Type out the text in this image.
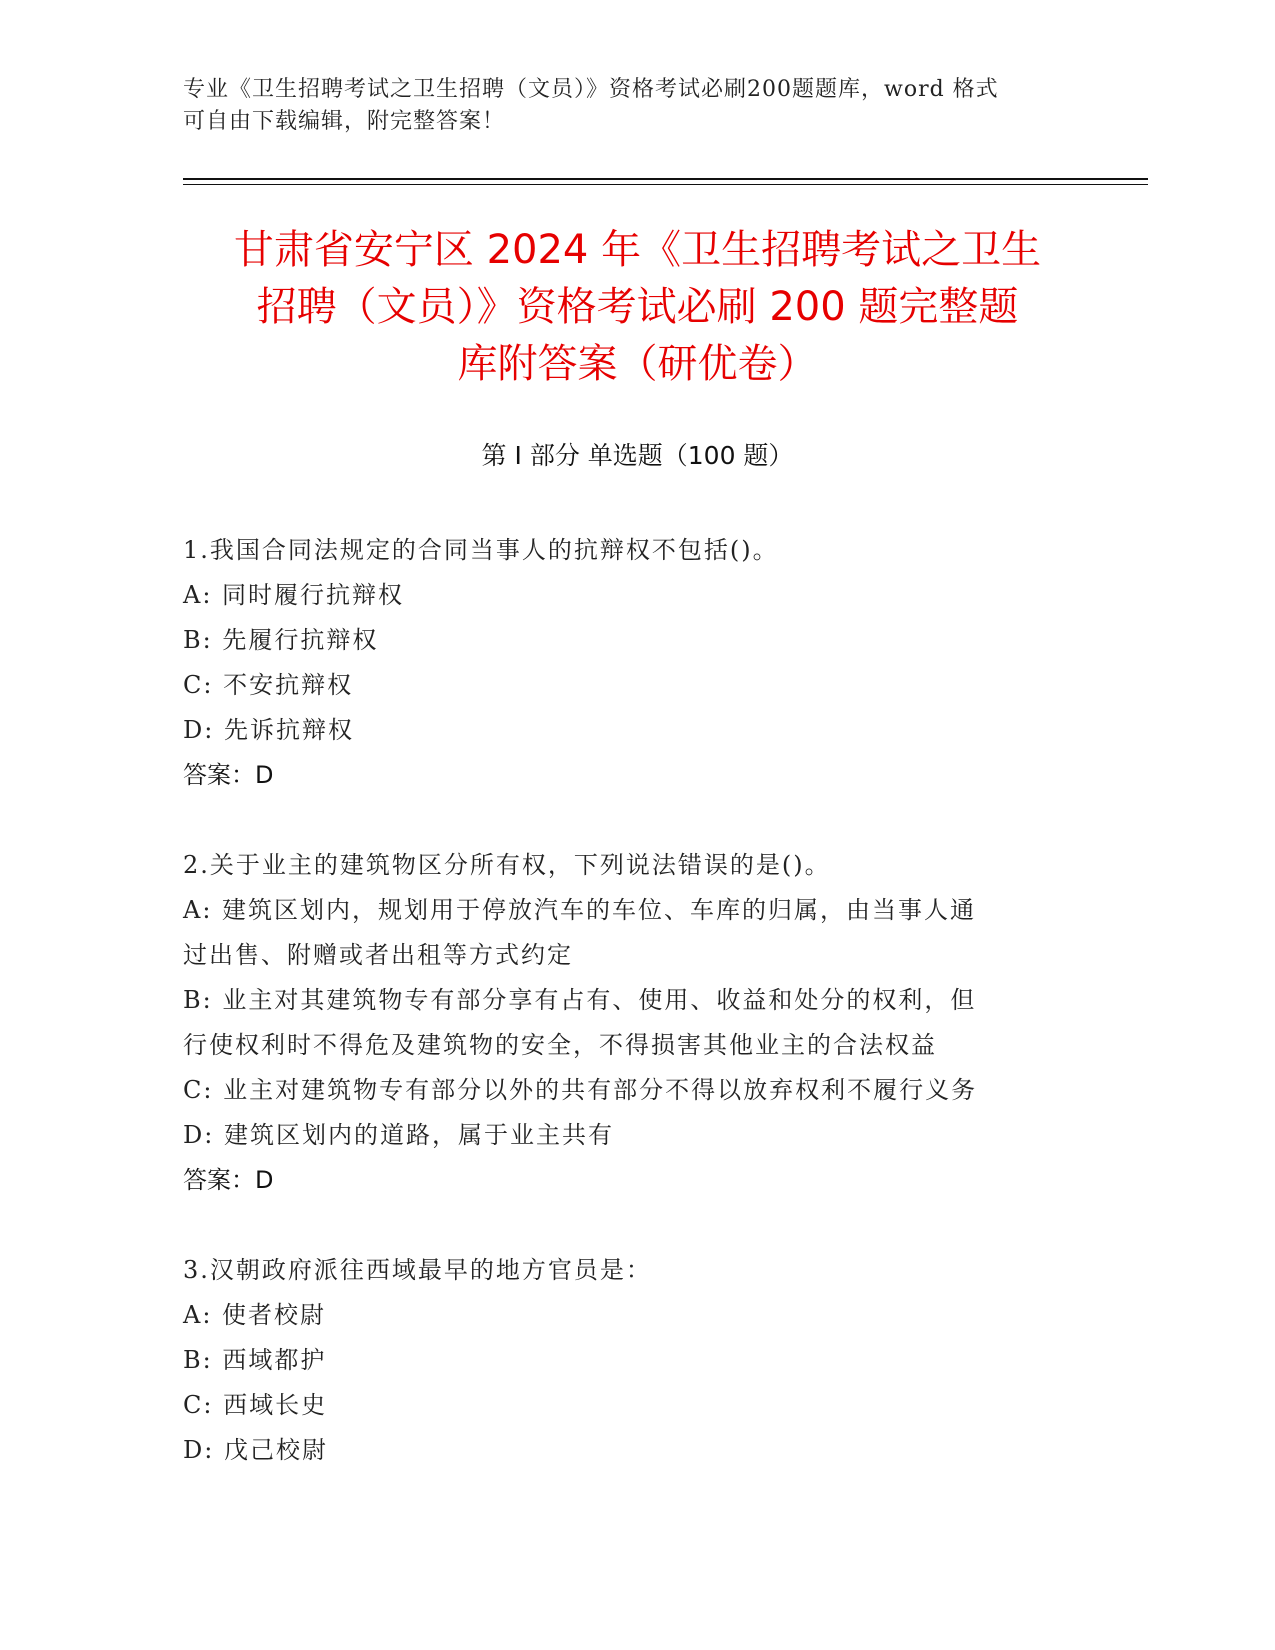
专业《卫生招聘考试之卫生招聘（文员）》资格考试必刷200题题库，word 格式
可自由下载编辑，附完整答案！
甘肃省安宁区 2024 年《卫生招聘考试之卫生
招聘（文员）》资格考试必刷 200 题完整题
库附答案（研优卷）
第 I 部分 单选题（100 题）
1.我国合同法规定的合同当事人的抗辩权不包括()。
A: 同时履行抗辩权
B: 先履行抗辩权
C: 不安抗辩权
D: 先诉抗辩权
答案：D
2.关于业主的建筑物区分所有权，下列说法错误的是()。
A: 建筑区划内，规划用于停放汽车的车位、车库的归属，由当事人通
过出售、附赠或者出租等方式约定
B: 业主对其建筑物专有部分享有占有、使用、收益和处分的权利，但
行使权利时不得危及建筑物的安全，不得损害其他业主的合法权益
C: 业主对建筑物专有部分以外的共有部分不得以放弃权利不履行义务
D: 建筑区划内的道路，属于业主共有
答案：D
3.汉朝政府派往西域最早的地方官员是：
A: 使者校尉
B: 西域都护
C: 西域长史
D: 戊己校尉
